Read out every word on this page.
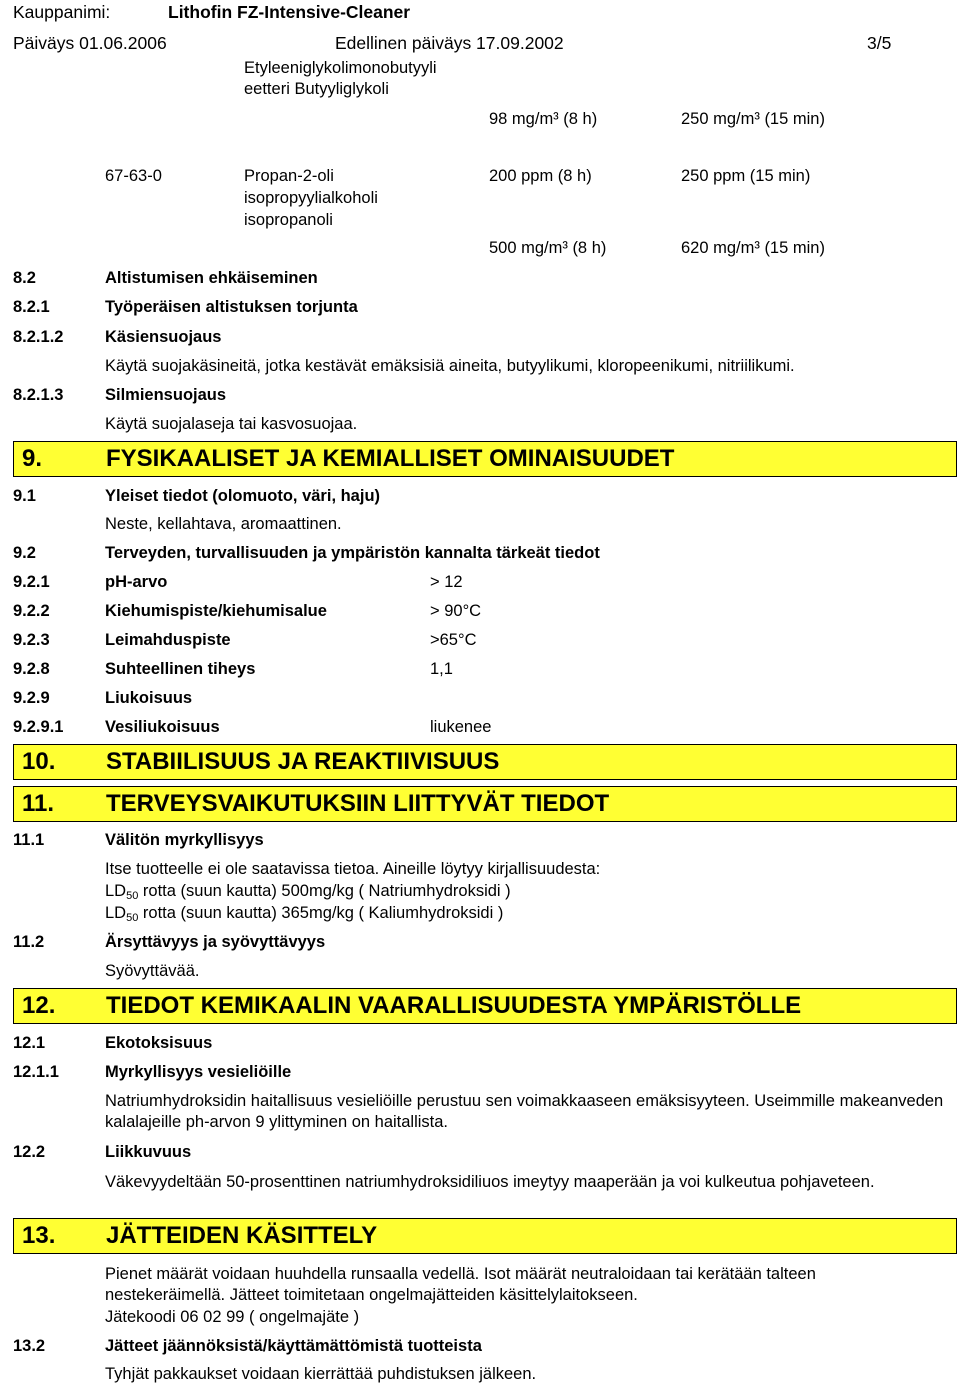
Kauppanimi:	Lithofin FZ-Intensive-Cleaner
Päiväys 01.06.2006	Edellinen päiväys 17.09.2002	3/5
Etyleeniglykolimonobutyyli
eetteri Butyyliglykoli
98 mg/m³ (8 h)	250 mg/m³ (15 min)
67-63-0	Propan-2-oli
isopropyylialkoholi
isopropanoli
200 ppm (8 h)	250 ppm (15 min)
500 mg/m³ (8 h)	620 mg/m³ (15 min)
8.2	Altistumisen ehkäiseminen
8.2.1	Työperäisen altistuksen torjunta
8.2.1.2	Käsiensuojaus
Käytä suojakäsineitä, jotka kestävät emäksisiä aineita, butyylikumi, kloropeenikumi, nitriilikumi.
8.2.1.3	Silmiensuojaus
Käytä suojalaseja tai kasvosuojaa.
9.	FYSIKAALISET JA KEMIALLISET OMINAISUUDET
9.1	Yleiset tiedot (olomuoto, väri, haju)
Neste, kellahtava, aromaattinen.
9.2	Terveyden, turvallisuuden ja ympäristön kannalta tärkeät tiedot
9.2.1	pH-arvo	> 12
9.2.2	Kiehumispiste/kiehumisalue	> 90°C
9.2.3	Leimahduspiste	>65°C
9.2.8	Suhteellinen tiheys	1,1
9.2.9	Liukoisuus
9.2.9.1	Vesiliukoisuus	liukenee
10. STABIILISUUS JA REAKTIIVISUUS
11. TERVEYSVAIKUTUKSIIN LIITTYVÄT TIEDOT
11.1	Välitön myrkyllisyys
Itse tuotteelle ei ole saatavissa tietoa. Aineille löytyy kirjallisuudesta:
$LD_{50}$ rotta (suun kautta) 500mg/kg ( Natriumhydroksidi )
$LD_{50}$ rotta (suun kautta) 365mg/kg ( Kaliumhydroksidi )
11.2	Ärsyttävyys ja syövyttävyys
Syövyttävää.
12. TIEDOT KEMIKAALIN VAARALLISUUDESTA YMPÄRISTÖLLE
12.1	Ekotoksisuus
12.1.1	Myrkyllisyys vesieliöille
Natriumhydroksidin haitallisuus vesieliöille perustuu sen voimakkaaseen emäksisyyteen. Useimmille makeanveden kalalajeille ph-arvon 9 ylittyminen on haitallista.
12.2	Liikkuvuus
Väkevyydeltään 50-prosenttinen natriumhydroksidiliuos imeytyy maaperään ja voi kulkeutua pohjaveteen.
13. JÄTTEIDEN KÄSITTELY
Pienet määrät voidaan huuhdella runsaalla vedellä. Isot määrät neutraloidaan tai kerätään talteen nestekeräimellä. Jätteet toimitetaan ongelmajätteiden käsittelylaitokseen.
Jätekoodi 06 02 99 ( ongelmajäte )
13.2	Jätteet jäännöksistä/käyttämättömistä tuotteista
Tyhjät pakkaukset voidaan kierrättää puhdistuksen jälkeen.
